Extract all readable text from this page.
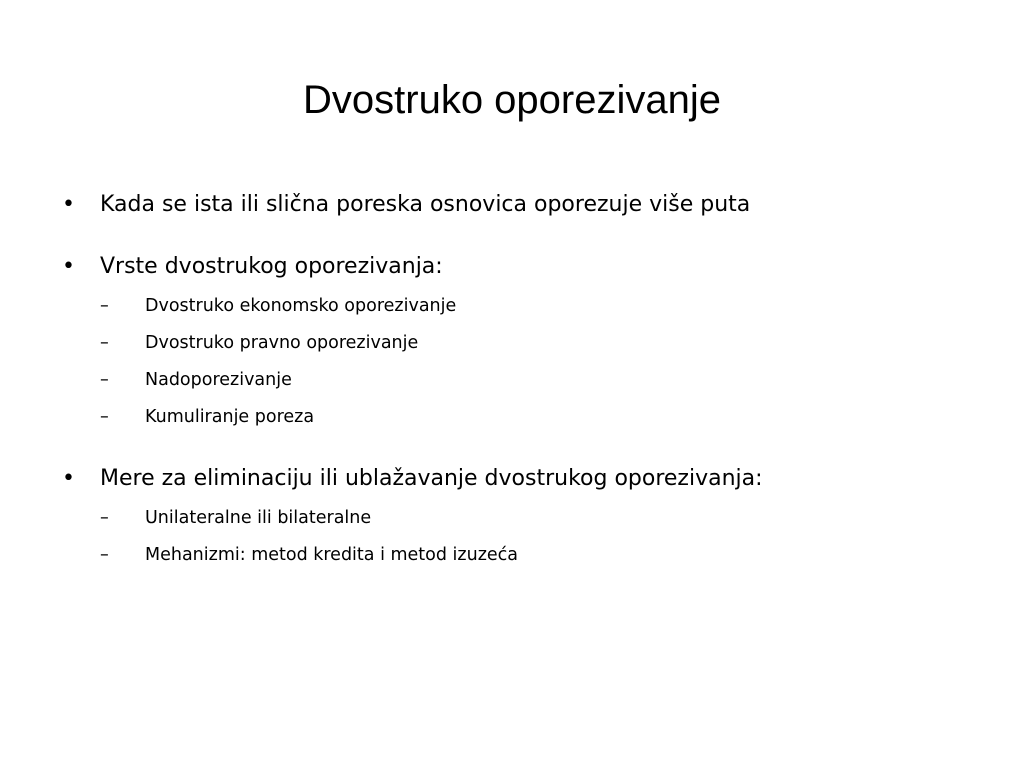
Dvostruko oporezivanje
• Kada se ista ili slična poreska osnovica oporezuje više puta
• Vrste dvostrukog oporezivanja:
– Dvostruko ekonomsko oporezivanje
– Dvostruko pravno oporezivanje
– Nadoporezivanje
– Kumuliranje poreza
• Mere za eliminaciju ili ublažavanje dvostrukog oporezivanja:
– Unilateralne ili bilateralne
– Mehanizmi: metod kredita i metod izuzeća
